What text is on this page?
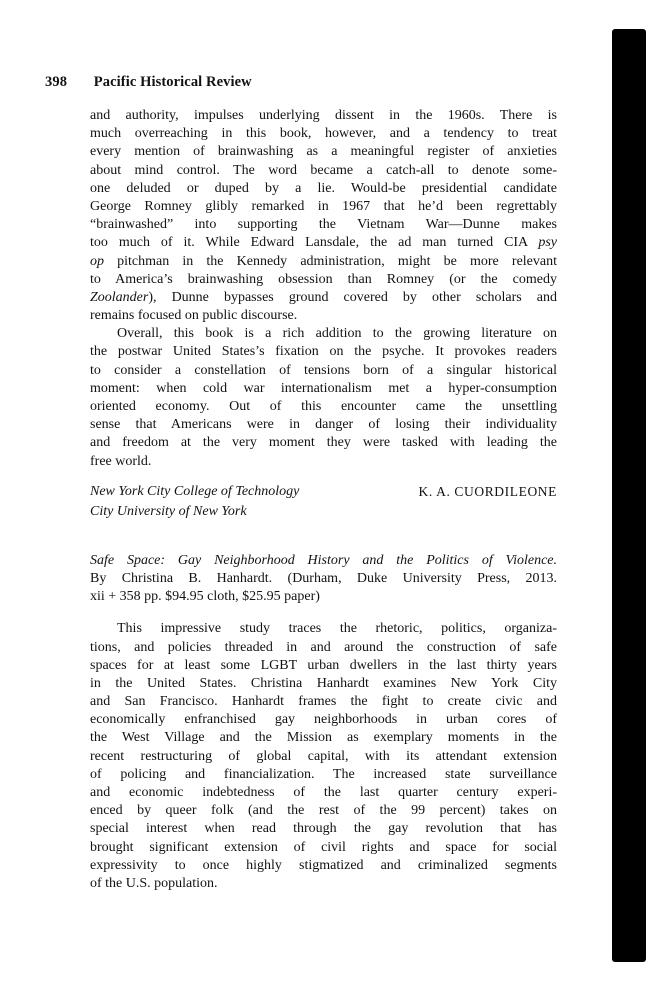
398 Pacific Historical Review
and authority, impulses underlying dissent in the 1960s. There is
much overreaching in this book, however, and a tendency to treat
every mention of brainwashing as a meaningful register of anxieties
about mind control. The word became a catch-all to denote some-
one deluded or duped by a lie. Would-be presidential candidate
George Romney glibly remarked in 1967 that he’d been regrettably
“brainwashed” into supporting the Vietnam War—Dunne makes
too much of it. While Edward Lansdale, the ad man turned CIA psy
op pitchman in the Kennedy administration, might be more relevant
to America’s brainwashing obsession than Romney (or the comedy
Zoolander), Dunne bypasses ground covered by other scholars and
remains focused on public discourse.
Overall, this book is a rich addition to the growing literature on
the postwar United States’s fixation on the psyche. It provokes readers
to consider a constellation of tensions born of a singular historical
moment: when cold war internationalism met a hyper-consumption
oriented economy. Out of this encounter came the unsettling
sense that Americans were in danger of losing their individuality
and freedom at the very moment they were tasked with leading the
free world.
New York City College of Technology
City University of New York
K. A. CUORDILEONE
Safe Space: Gay Neighborhood History and the Politics of Violence.
By Christina B. Hanhardt. (Durham, Duke University Press, 2013.
xii + 358 pp. $94.95 cloth, $25.95 paper)
This impressive study traces the rhetoric, politics, organiza-
tions, and policies threaded in and around the construction of safe
spaces for at least some LGBT urban dwellers in the last thirty years
in the United States. Christina Hanhardt examines New York City
and San Francisco. Hanhardt frames the fight to create civic and
economically enfranchised gay neighborhoods in urban cores of
the West Village and the Mission as exemplary moments in the
recent restructuring of global capital, with its attendant extension
of policing and financialization. The increased state surveillance
and economic indebtedness of the last quarter century experi-
enced by queer folk (and the rest of the 99 percent) takes on
special interest when read through the gay revolution that has
brought significant extension of civil rights and space for social
expressivity to once highly stigmatized and criminalized segments
of the U.S. population.
